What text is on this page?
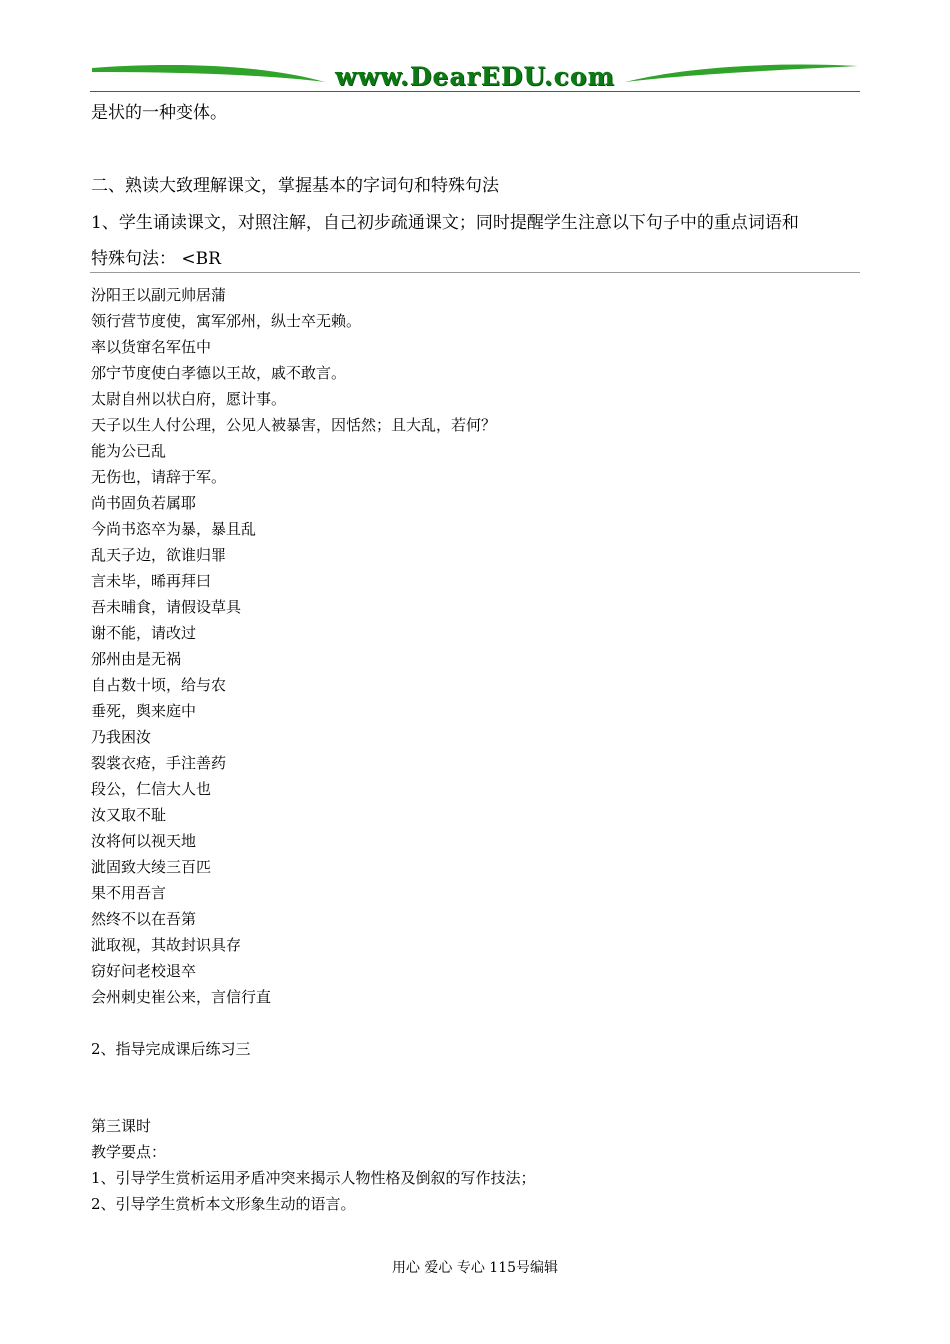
www.DearEDU.com
是状的一种变体。
二、熟读大致理解课文，掌握基本的字词句和特殊句法
1、学生诵读课文，对照注解，自己初步疏通课文；同时提醒学生注意以下句子中的重点词语和
特殊句法： <BR
汾阳王以副元帅居蒲
领行营节度使，寓军邠州，纵士卒无赖。
率以货窜名军伍中
邠宁节度使白孝德以王故，戚不敢言。
太尉自州以状白府，愿计事。
天子以生人付公理，公见人被暴害，因恬然；且大乱，若何？
能为公已乱
无伤也，请辞于军。
尚书固负若属耶
今尚书恣卒为暴，暴且乱
乱天子边，欲谁归罪
言未毕，晞再拜曰
吾未晡食，请假设草具
谢不能，请改过
邠州由是无祸
自占数十顷，给与农
垂死，舆来庭中
乃我困汝
裂裳衣疮，手注善药
段公，仁信大人也
汝又取不耻
汝将何以视天地
泚固致大绫三百匹
果不用吾言
然终不以在吾第
泚取视，其故封识具存
窃好问老校退卒
会州刺史崔公来，言信行直
2、指导完成课后练习三
第三课时
教学要点：
1、引导学生赏析运用矛盾冲突来揭示人物性格及倒叙的写作技法；
2、引导学生赏析本文形象生动的语言。
用心 爱心 专心 115号编辑
